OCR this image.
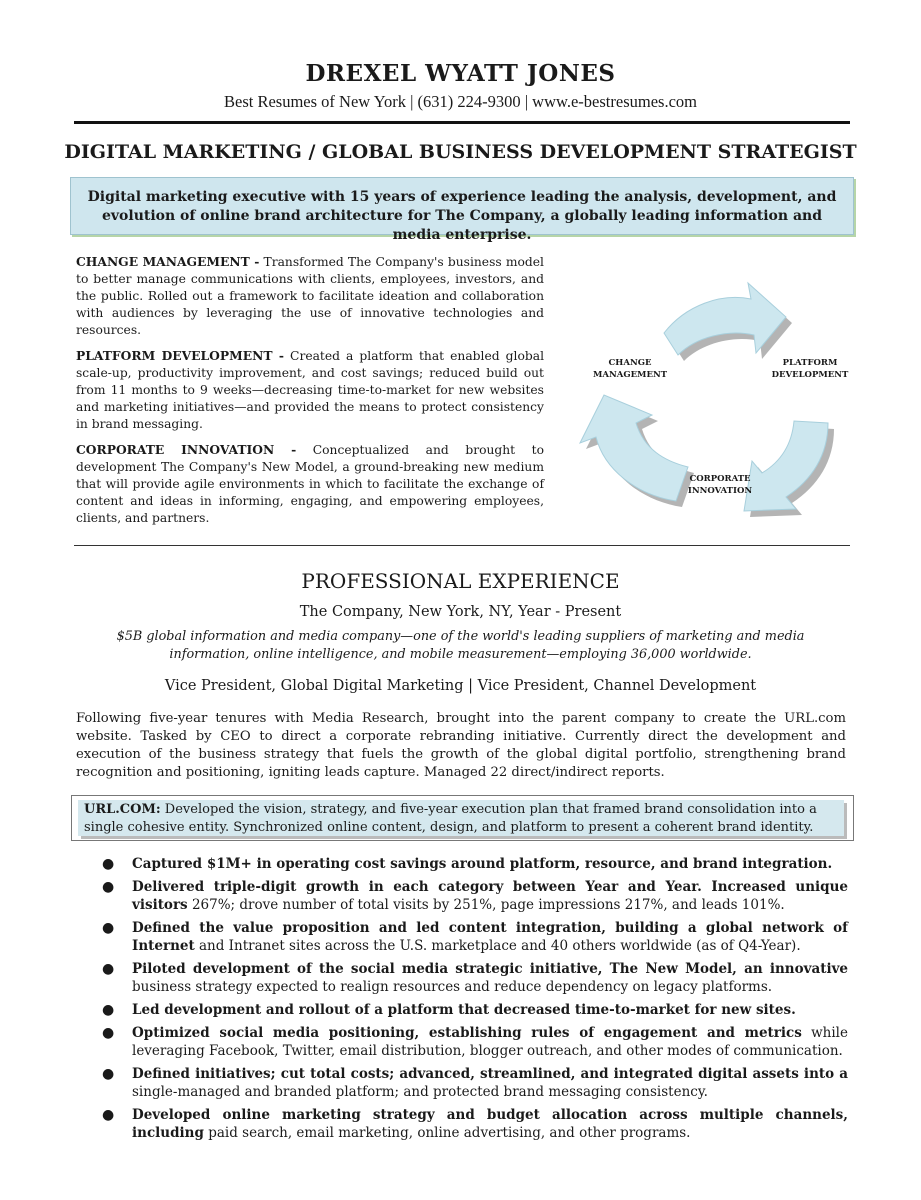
DREXEL WYATT JONES
Best Resumes of New York | (631) 224-9300 | www.e-bestresumes.com
DIGITAL MARKETING / GLOBAL BUSINESS DEVELOPMENT STRATEGIST
Digital marketing executive with 15 years of experience leading the analysis, development, and evolution of online brand architecture for The Company, a globally leading information and media enterprise.

CHANGE MANAGEMENT - Transformed The Company's business model to better manage communications with clients, employees, investors, and the public. Rolled out a framework to facilitate ideation and collaboration with audiences by leveraging the use of innovative technologies and resources.

PLATFORM DEVELOPMENT - Created a platform that enabled global scale-up, productivity improvement, and cost savings; reduced build out from 11 months to 9 weeks—decreasing time-to-market for new websites and marketing initiatives—and provided the means to protect consistency in brand messaging.

CORPORATE INNOVATION - Conceptualized and brought to development The Company's New Model, a ground-breaking new medium that will provide agile environments in which to facilitate the exchange of content and ideas in informing, engaging, and empowering employees, clients, and partners.

CHANGE
MANAGEMENT
PLATFORM
DEVELOPMENT
CORPORATE
INNOVATION
PROFESSIONAL EXPERIENCE
The Company, New York, NY, Year - Present
$5B global information and media company—one of the world's leading suppliers of marketing and media information, online intelligence, and mobile measurement—employing 36,000 worldwide.
Vice President, Global Digital Marketing | Vice President, Channel Development
Following five-year tenures with Media Research, brought into the parent company to create the URL.com website. Tasked by CEO to direct a corporate rebranding initiative. Currently direct the development and execution of the business strategy that fuels the growth of the global digital portfolio, strengthening brand recognition and positioning, igniting leads capture. Managed 22 direct/indirect reports.
URL.COM: Developed the vision, strategy, and five-year execution plan that framed brand consolidation into a single cohesive entity. Synchronized online content, design, and platform to present a coherent brand identity.
● Captured $1M+ in operating cost savings around platform, resource, and brand integration.
● Delivered triple-digit growth in each category between Year and Year. Increased unique visitors 267%; drove number of total visits by 251%, page impressions 217%, and leads 101%.
● Defined the value proposition and led content integration, building a global network of Internet and Intranet sites across the U.S. marketplace and 40 others worldwide (as of Q4-Year).
● Piloted development of the social media strategic initiative, The New Model, an innovative business strategy expected to realign resources and reduce dependency on legacy platforms.
● Led development and rollout of a platform that decreased time-to-market for new sites.
● Optimized social media positioning, establishing rules of engagement and metrics while leveraging Facebook, Twitter, email distribution, blogger outreach, and other modes of communication.
● Defined initiatives; cut total costs; advanced, streamlined, and integrated digital assets into a single-managed and branded platform; and protected brand messaging consistency.
● Developed online marketing strategy and budget allocation across multiple channels, including paid search, email marketing, online advertising, and other programs.
